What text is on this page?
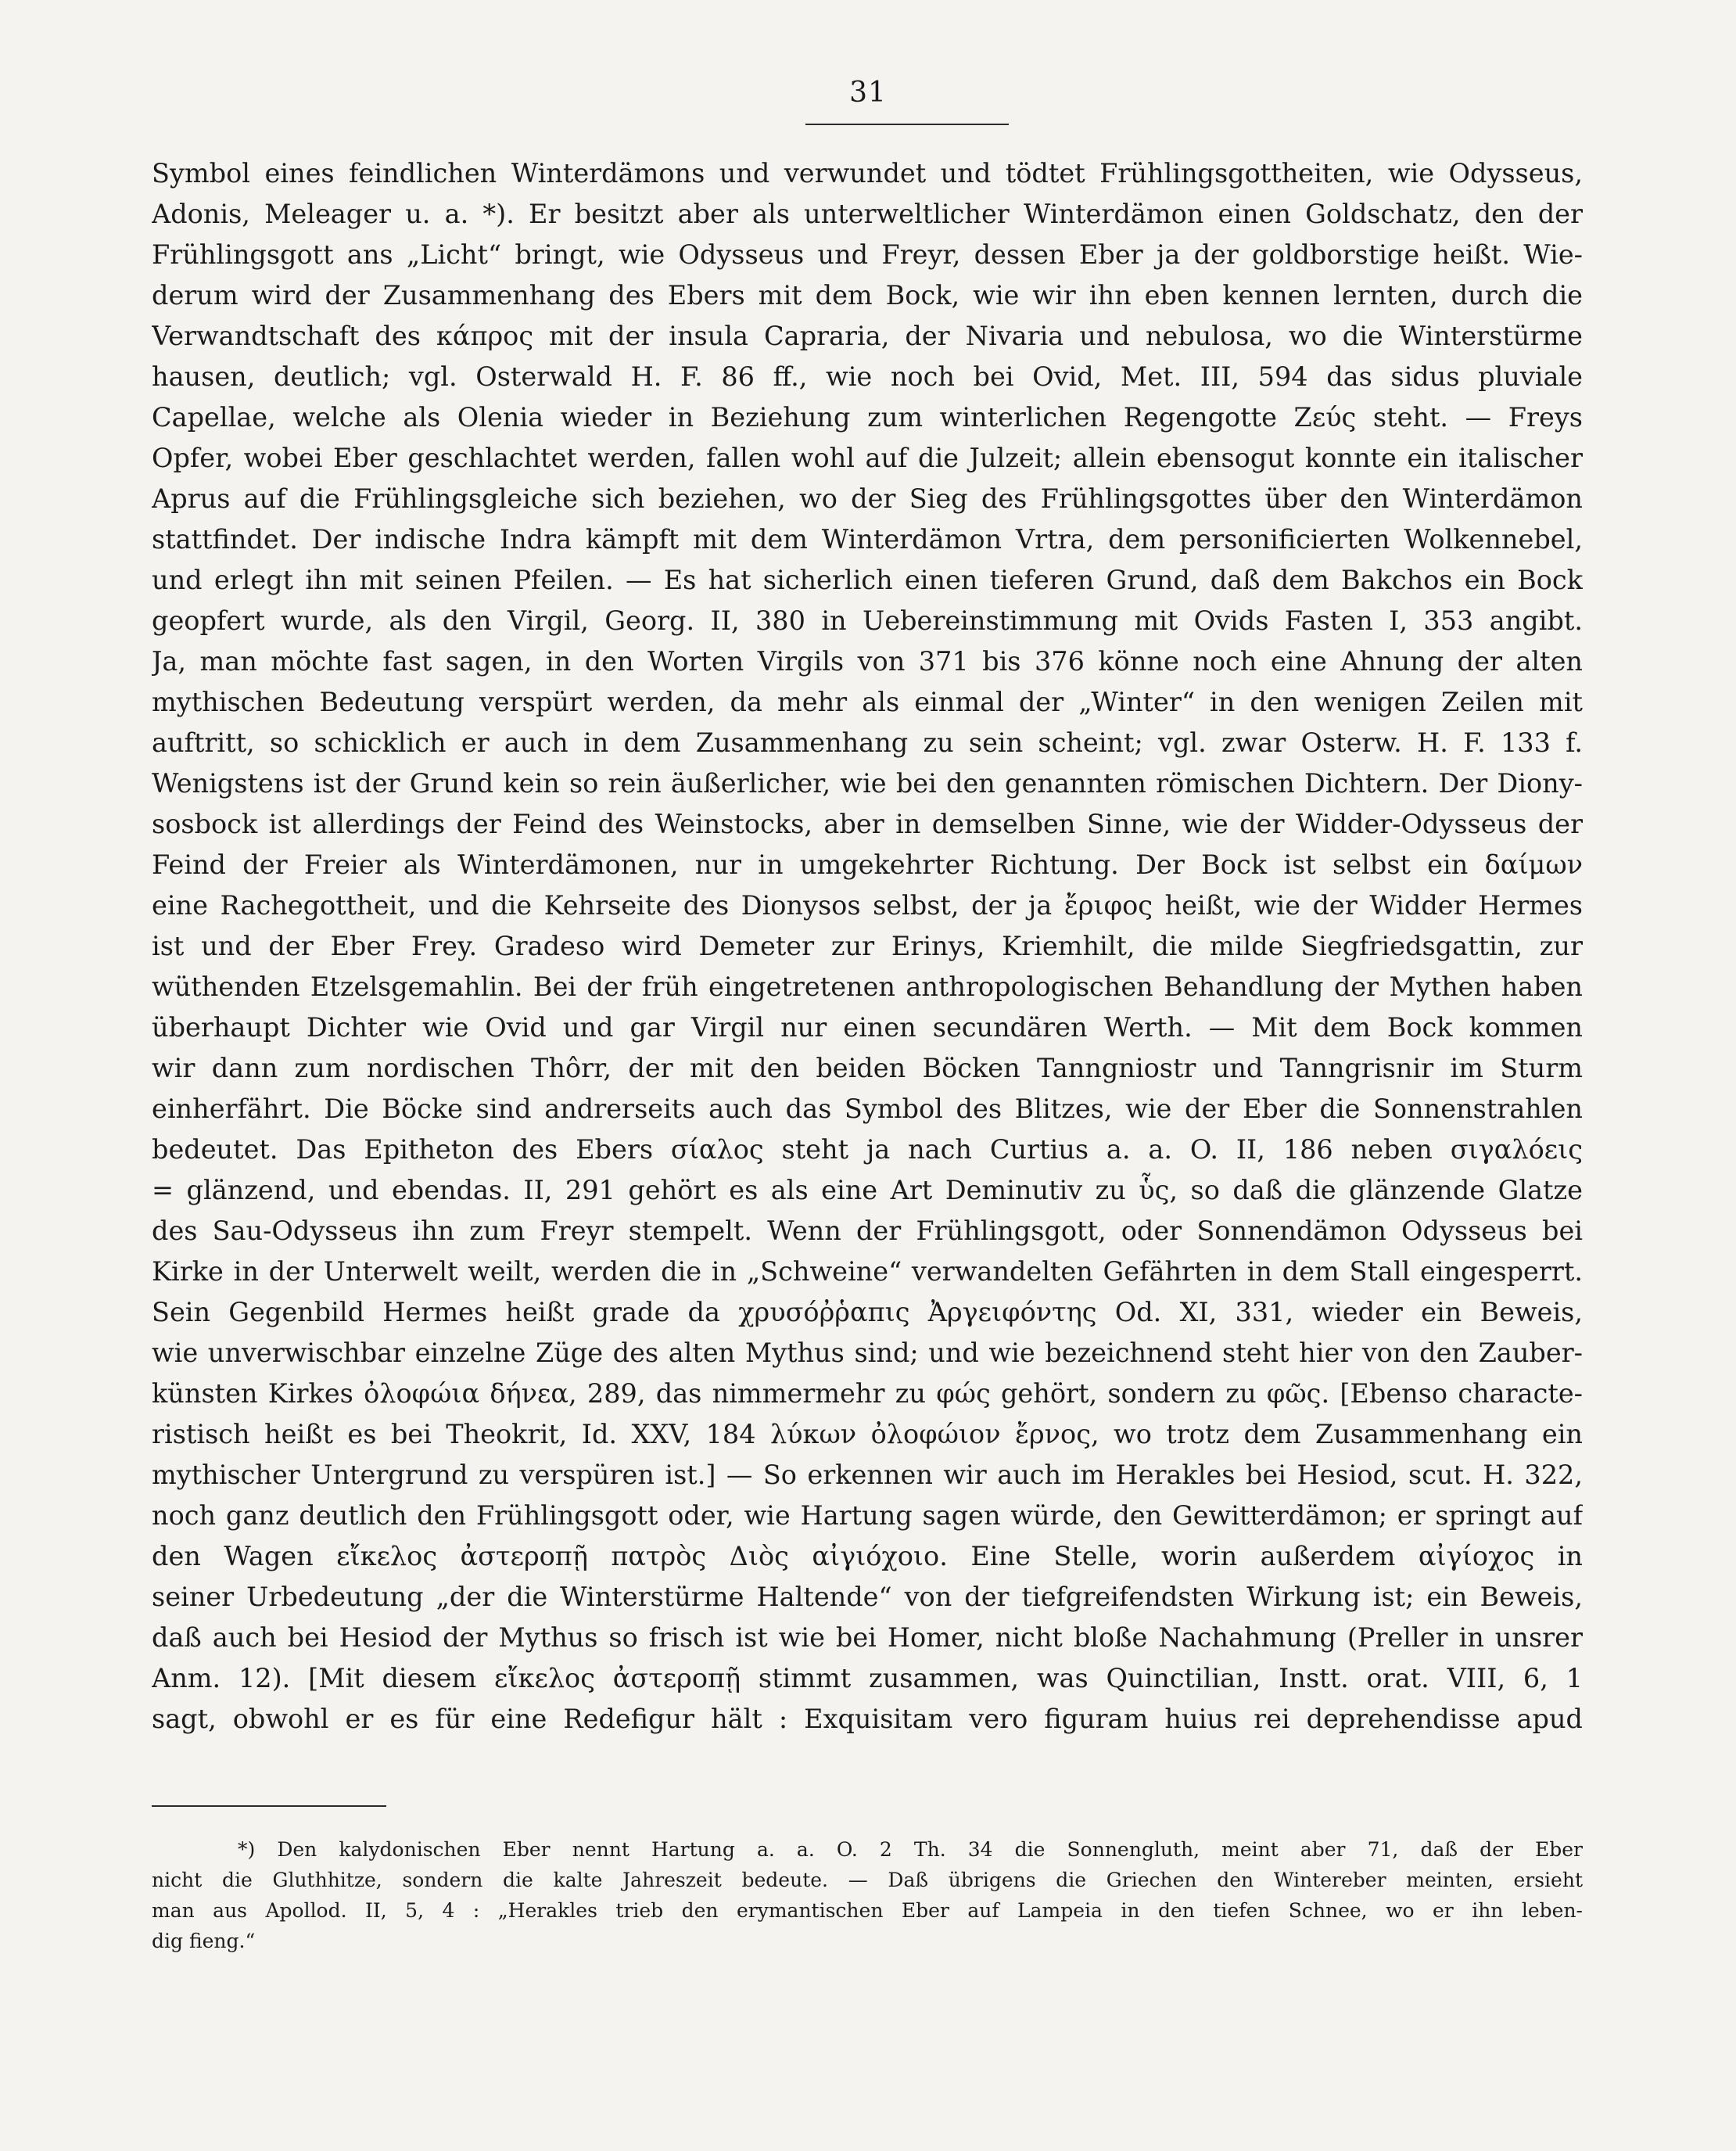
31
Symbol eines feindlichen Winterdämons und verwundet und tödtet Frühlingsgottheiten, wie Odysseus,
Adonis, Meleager u. a. *). Er besitzt aber als unterweltlicher Winterdämon einen Goldschatz, den der
Frühlingsgott ans „Licht“ bringt, wie Odysseus und Freyr, dessen Eber ja der goldborstige heißt. Wie-
derum wird der Zusammenhang des Ebers mit dem Bock, wie wir ihn eben kennen lernten, durch die
Verwandtschaft des κάπρος mit der insula Capraria, der Nivaria und nebulosa, wo die Winterstürme
hausen, deutlich; vgl. Osterwald H. F. 86 ff., wie noch bei Ovid, Met. III, 594 das sidus pluviale
Capellae, welche als Olenia wieder in Beziehung zum winterlichen Regengotte Ζεύς steht. — Freys
Opfer, wobei Eber geschlachtet werden, fallen wohl auf die Julzeit; allein ebensogut konnte ein italischer
Aprus auf die Frühlingsgleiche sich beziehen, wo der Sieg des Frühlingsgottes über den Winterdämon
stattfindet. Der indische Indra kämpft mit dem Winterdämon Vrtra, dem personificierten Wolkennebel,
und erlegt ihn mit seinen Pfeilen. — Es hat sicherlich einen tieferen Grund, daß dem Bakchos ein Bock
geopfert wurde, als den Virgil, Georg. II, 380 in Uebereinstimmung mit Ovids Fasten I, 353 angibt.
Ja, man möchte fast sagen, in den Worten Virgils von 371 bis 376 könne noch eine Ahnung der alten
mythischen Bedeutung verspürt werden, da mehr als einmal der „Winter“ in den wenigen Zeilen mit
auftritt, so schicklich er auch in dem Zusammenhang zu sein scheint; vgl. zwar Osterw. H. F. 133 f.
Wenigstens ist der Grund kein so rein äußerlicher, wie bei den genannten römischen Dichtern. Der Diony-
sosbock ist allerdings der Feind des Weinstocks, aber in demselben Sinne, wie der Widder-Odysseus der
Feind der Freier als Winterdämonen, nur in umgekehrter Richtung. Der Bock ist selbst ein δαίμων
eine Rachegottheit, und die Kehrseite des Dionysos selbst, der ja ἔριφος heißt, wie der Widder Hermes
ist und der Eber Frey. Gradeso wird Demeter zur Erinys, Kriemhilt, die milde Siegfriedsgattin, zur
wüthenden Etzelsgemahlin. Bei der früh eingetretenen anthropologischen Behandlung der Mythen haben
überhaupt Dichter wie Ovid und gar Virgil nur einen secundären Werth. — Mit dem Bock kommen
wir dann zum nordischen Thôrr, der mit den beiden Böcken Tanngniostr und Tanngrisnir im Sturm
einherfährt. Die Böcke sind andrerseits auch das Symbol des Blitzes, wie der Eber die Sonnenstrahlen
bedeutet. Das Epitheton des Ebers σίαλος steht ja nach Curtius a. a. O. II, 186 neben σιγαλόεις
= glänzend, und ebendas. II, 291 gehört es als eine Art Deminutiv zu ὗς, so daß die glänzende Glatze
des Sau-Odysseus ihn zum Freyr stempelt. Wenn der Frühlingsgott, oder Sonnendämon Odysseus bei
Kirke in der Unterwelt weilt, werden die in „Schweine“ verwandelten Gefährten in dem Stall eingesperrt.
Sein Gegenbild Hermes heißt grade da χρυσόῤῥαπις Ἀργειφόντης Od. XI, 331, wieder ein Beweis,
wie unverwischbar einzelne Züge des alten Mythus sind; und wie bezeichnend steht hier von den Zauber-
künsten Kirkes ὀλοφώια δήνεα, 289, das nimmermehr zu φώς gehört, sondern zu φῶς. [Ebenso characte-
ristisch heißt es bei Theokrit, Id. XXV, 184 λύκων ὀλοφώιον ἔρνος, wo trotz dem Zusammenhang ein
mythischer Untergrund zu verspüren ist.] — So erkennen wir auch im Herakles bei Hesiod, scut. H. 322,
noch ganz deutlich den Frühlingsgott oder, wie Hartung sagen würde, den Gewitterdämon; er springt auf
den Wagen εἴκελος ἀστεροπῇ πατρὸς Διὸς αἰγιόχοιο. Eine Stelle, worin außerdem αἰγίοχος in
seiner Urbedeutung „der die Winterstürme Haltende“ von der tiefgreifendsten Wirkung ist; ein Beweis,
daß auch bei Hesiod der Mythus so frisch ist wie bei Homer, nicht bloße Nachahmung (Preller in unsrer
Anm. 12). [Mit diesem εἴκελος ἀστεροπῇ stimmt zusammen, was Quinctilian, Instt. orat. VIII, 6, 1
sagt, obwohl er es für eine Redefigur hält : Exquisitam vero figuram huius rei deprehendisse apud
*) Den kalydonischen Eber nennt Hartung a. a. O. 2 Th. 34 die Sonnengluth, meint aber 71, daß der Eber
nicht die Gluthhitze, sondern die kalte Jahreszeit bedeute. — Daß übrigens die Griechen den Wintereber meinten, ersieht
man aus Apollod. II, 5, 4 : „Herakles trieb den erymantischen Eber auf Lampeia in den tiefen Schnee, wo er ihn leben-
dig fieng.“
